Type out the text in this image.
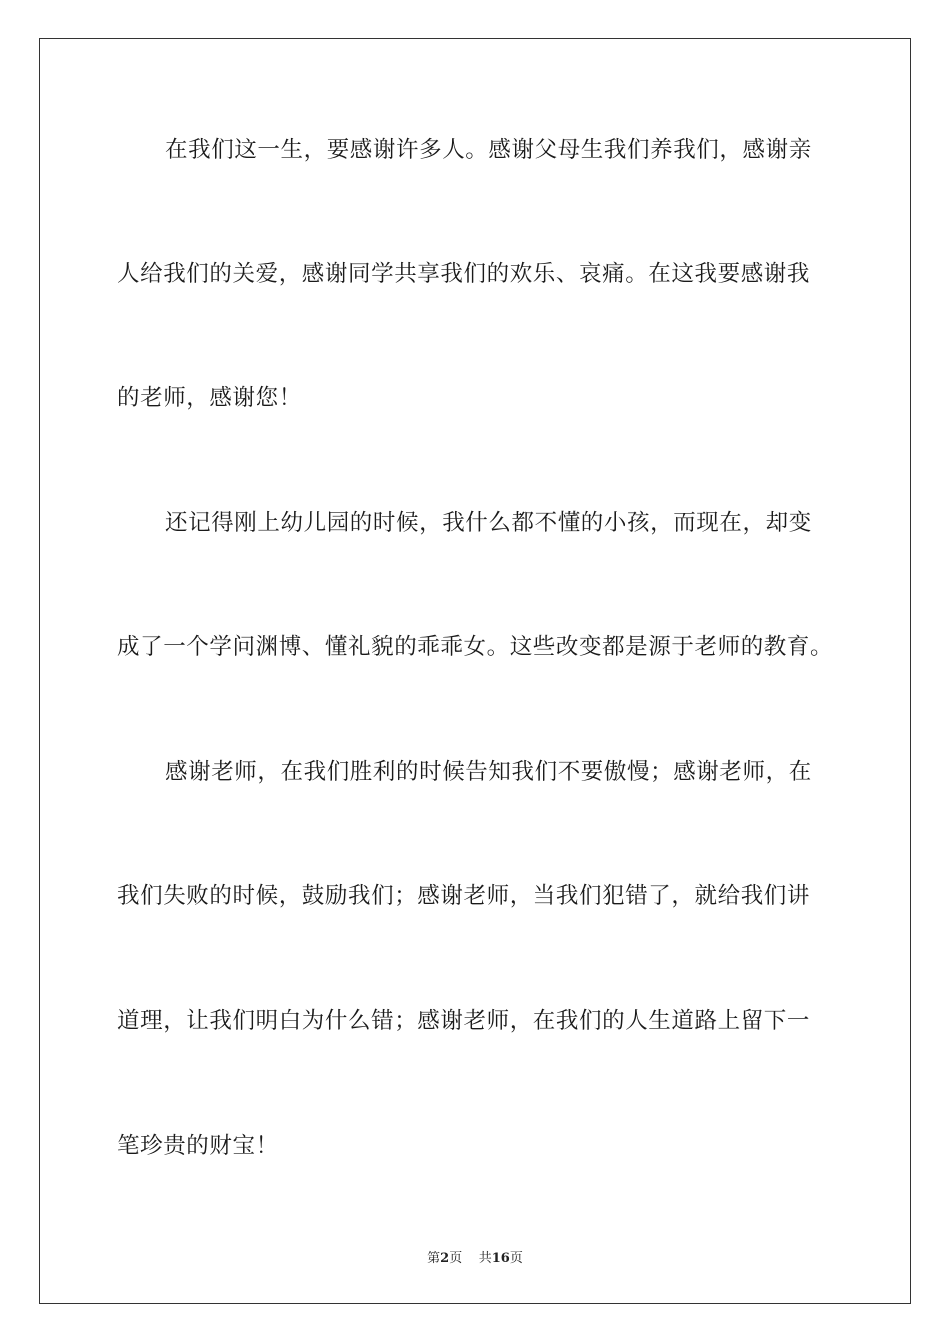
在我们这一生，要感谢许多人。感谢父母生我们养我们，感谢亲
人给我们的关爱，感谢同学共享我们的欢乐、哀痛。在这我要感谢我
的老师，感谢您！
还记得刚上幼儿园的时候，我什么都不懂的小孩，而现在，却变
成了一个学问渊博、懂礼貌的乖乖女。这些改变都是源于老师的教育。
感谢老师，在我们胜利的时候告知我们不要傲慢；感谢老师，在
我们失败的时候，鼓励我们；感谢老师，当我们犯错了，就给我们讲
道理，让我们明白为什么错；感谢老师，在我们的人生道路上留下一
笔珍贵的财宝！
第2页 共16页
